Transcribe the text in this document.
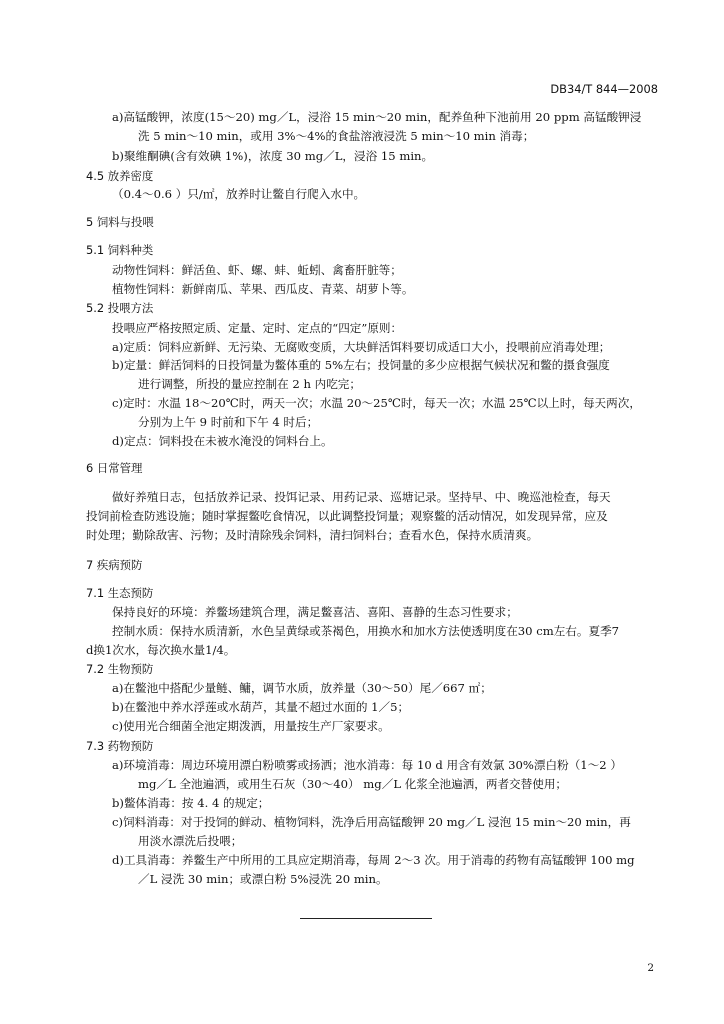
DB34/T 844—2008
a)高锰酸钾，浓度(15～20) mg／L，浸浴 15 min～20 min，配养鱼种下池前用 20 ppm 高锰酸钾浸
洗 5 min～10 min，或用 3%～4%的食盐溶液浸洗 5 min～10 min 消毒；
b)聚维酮碘(含有效碘 1%)，浓度 30 mg／L，浸浴 15 min。
4.5 放养密度
（0.4～0.6 ）只/㎡，放养时让鳖自行爬入水中。
5 饲料与投喂
5.1 饲料种类
动物性饲料：鲜活鱼、虾、螺、蚌、蚯蚓、禽畜肝脏等；
植物性饲料：新鲜南瓜、苹果、西瓜皮、青菜、胡萝卜等。
5.2 投喂方法
投喂应严格按照定质、定量、定时、定点的“四定”原则：
a)定质：饲料应新鲜、无污染、无腐败变质，大块鲜活饵料要切成适口大小，投喂前应消毒处理；
b)定量：鲜活饲料的日投饲量为鳖体重的 5%左右；投饲量的多少应根据气候状况和鳖的摄食强度
进行调整，所投的量应控制在 2 h 内吃完；
c)定时：水温 18～20℃时，两天一次；水温 20～25℃时，每天一次；水温 25℃以上时，每天两次，
分别为上午 9 时前和下午 4 时后；
d)定点：饲料投在未被水淹没的饲料台上。
6 日常管理
做好养殖日志，包括放养记录、投饵记录、用药记录、巡塘记录。坚持早、中、晚巡池检查，每天
投饲前检查防逃设施；随时掌握鳖吃食情况，以此调整投饲量；观察鳖的活动情况，如发现异常，应及
时处理；勤除敌害、污物；及时清除残余饲料，清扫饲料台；查看水色，保持水质清爽。
7 疾病预防
7.1 生态预防
保持良好的环境：养鳖场建筑合理，满足鳖喜洁、喜阳、喜静的生态习性要求；
控制水质：保持水质清新，水色呈黄绿或茶褐色，用换水和加水方法使透明度在30 cm左右。夏季7
d换1次水，每次换水量1/4。
7.2 生物预防
a)在鳖池中搭配少量鲢、鳙，调节水质，放养量（30～50）尾／667 ㎡；
b)在鳖池中养水浮莲或水葫芦，其量不超过水面的 1／5；
c)使用光合细菌全池定期泼洒，用量按生产厂家要求。
7.3 药物预防
a)环境消毒：周边环境用漂白粉喷雾或扬洒；池水消毒：每 10 d 用含有效氯 30%漂白粉（1～2 ）
mg／L 全池遍洒，或用生石灰（30～40） mg／L 化浆全池遍洒，两者交替使用；
b)鳖体消毒：按 4. 4 的规定；
c)饲料消毒：对于投饲的鲜动、植物饲料，洗净后用高锰酸钾 20 mg／L 浸泡 15 min～20 min，再
用淡水漂洗后投喂；
d)工具消毒：养鳖生产中所用的工具应定期消毒，每周 2～3 次。用于消毒的药物有高锰酸钾 100 mg
／L 浸洗 30 min；或漂白粉 5%浸洗 20 min。
2
